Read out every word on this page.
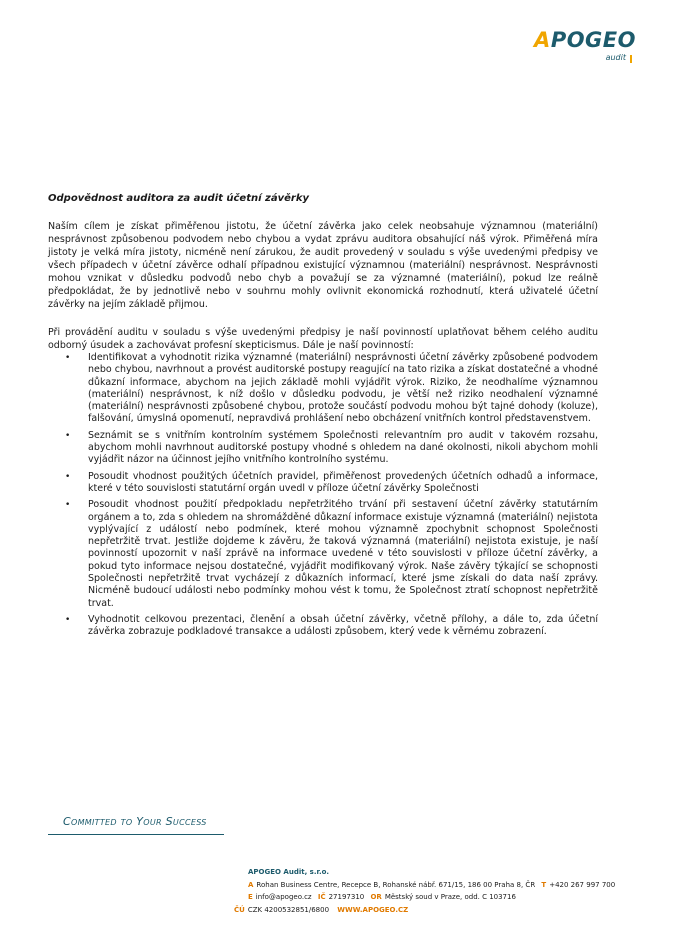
APOGEO
audit
Odpovědnost auditora za audit účetní závěrky

Naším cílem je získat přiměřenou jistotu, že účetní závěrka jako celek neobsahuje významnou (materiální) nesprávnost způsobenou podvodem nebo chybou a vydat zprávu auditora obsahující náš výrok. Přiměřená míra jistoty je velká míra jistoty, nicméně není zárukou, že audit provedený v souladu s výše uvedenými předpisy ve všech případech v účetní závěrce odhalí případnou existující významnou (materiální) nesprávnost. Nesprávnosti mohou vznikat v důsledku podvodů nebo chyb a považují se za významné (materiální), pokud lze reálně předpokládat, že by jednotlivě nebo v souhrnu mohly ovlivnit ekonomická rozhodnutí, která uživatelé účetní závěrky na jejím základě přijmou.

Při provádění auditu v souladu s výše uvedenými předpisy je naší povinností uplatňovat během celého auditu odborný úsudek a zachovávat profesní skepticismus. Dále je naší povinností:

• Identifikovat a vyhodnotit rizika významné (materiální) nesprávnosti účetní závěrky způsobené podvodem nebo chybou, navrhnout a provést auditorské postupy reagující na tato rizika a získat dostatečné a vhodné důkazní informace, abychom na jejich základě mohli vyjádřit výrok. Riziko, že neodhalíme významnou (materiální) nesprávnost, k níž došlo v důsledku podvodu, je větší než riziko neodhalení významné (materiální) nesprávnosti způsobené chybou, protože součástí podvodu mohou být tajné dohody (koluze), falšování, úmyslná opomenutí, nepravdivá prohlášení nebo obcházení vnitřních kontrol představenstvem.
• Seznámit se s vnitřním kontrolním systémem Společnosti relevantním pro audit v takovém rozsahu, abychom mohli navrhnout auditorské postupy vhodné s ohledem na dané okolnosti, nikoli abychom mohli vyjádřit názor na účinnost jejího vnitřního kontrolního systému.
• Posoudit vhodnost použitých účetních pravidel, přiměřenost provedených účetních odhadů a informace, které v této souvislosti statutární orgán uvedl v příloze účetní závěrky Společnosti
• Posoudit vhodnost použití předpokladu nepřetržitého trvání při sestavení účetní závěrky statutárním orgánem a to, zda s ohledem na shromážděné důkazní informace existuje významná (materiální) nejistota vyplývající z událostí nebo podmínek, které mohou významně zpochybnit schopnost Společnosti nepřetržitě trvat. Jestliže dojdeme k závěru, že taková významná (materiální) nejistota existuje, je naší povinností upozornit v naší zprávě na informace uvedené v této souvislosti v příloze účetní závěrky, a pokud tyto informace nejsou dostatečné, vyjádřit modifikovaný výrok. Naše závěry týkající se schopnosti Společnosti nepřetržitě trvat vycházejí z důkazních informací, které jsme získali do data naší zprávy. Nicméně budoucí události nebo podmínky mohou vést k tomu, že Společnost ztratí schopnost nepřetržitě trvat.
• Vyhodnotit celkovou prezentaci, členění a obsah účetní závěrky, včetně přílohy, a dále to, zda účetní závěrka zobrazuje podkladové transakce a události způsobem, který vede k věrnému zobrazení.
Committed to Your Success
APOGEO Audit, s.r.o.
A Rohan Business Centre, Recepce B, Rohanské nábř. 671/15, 186 00 Praha 8, ČR T +420 267 997 700
E info@apogeo.cz IČ 27197310 OR Městský soud v Praze, odd. C 103716
ČÚ CZK 4200532851/6800 WWW.APOGEO.CZ
